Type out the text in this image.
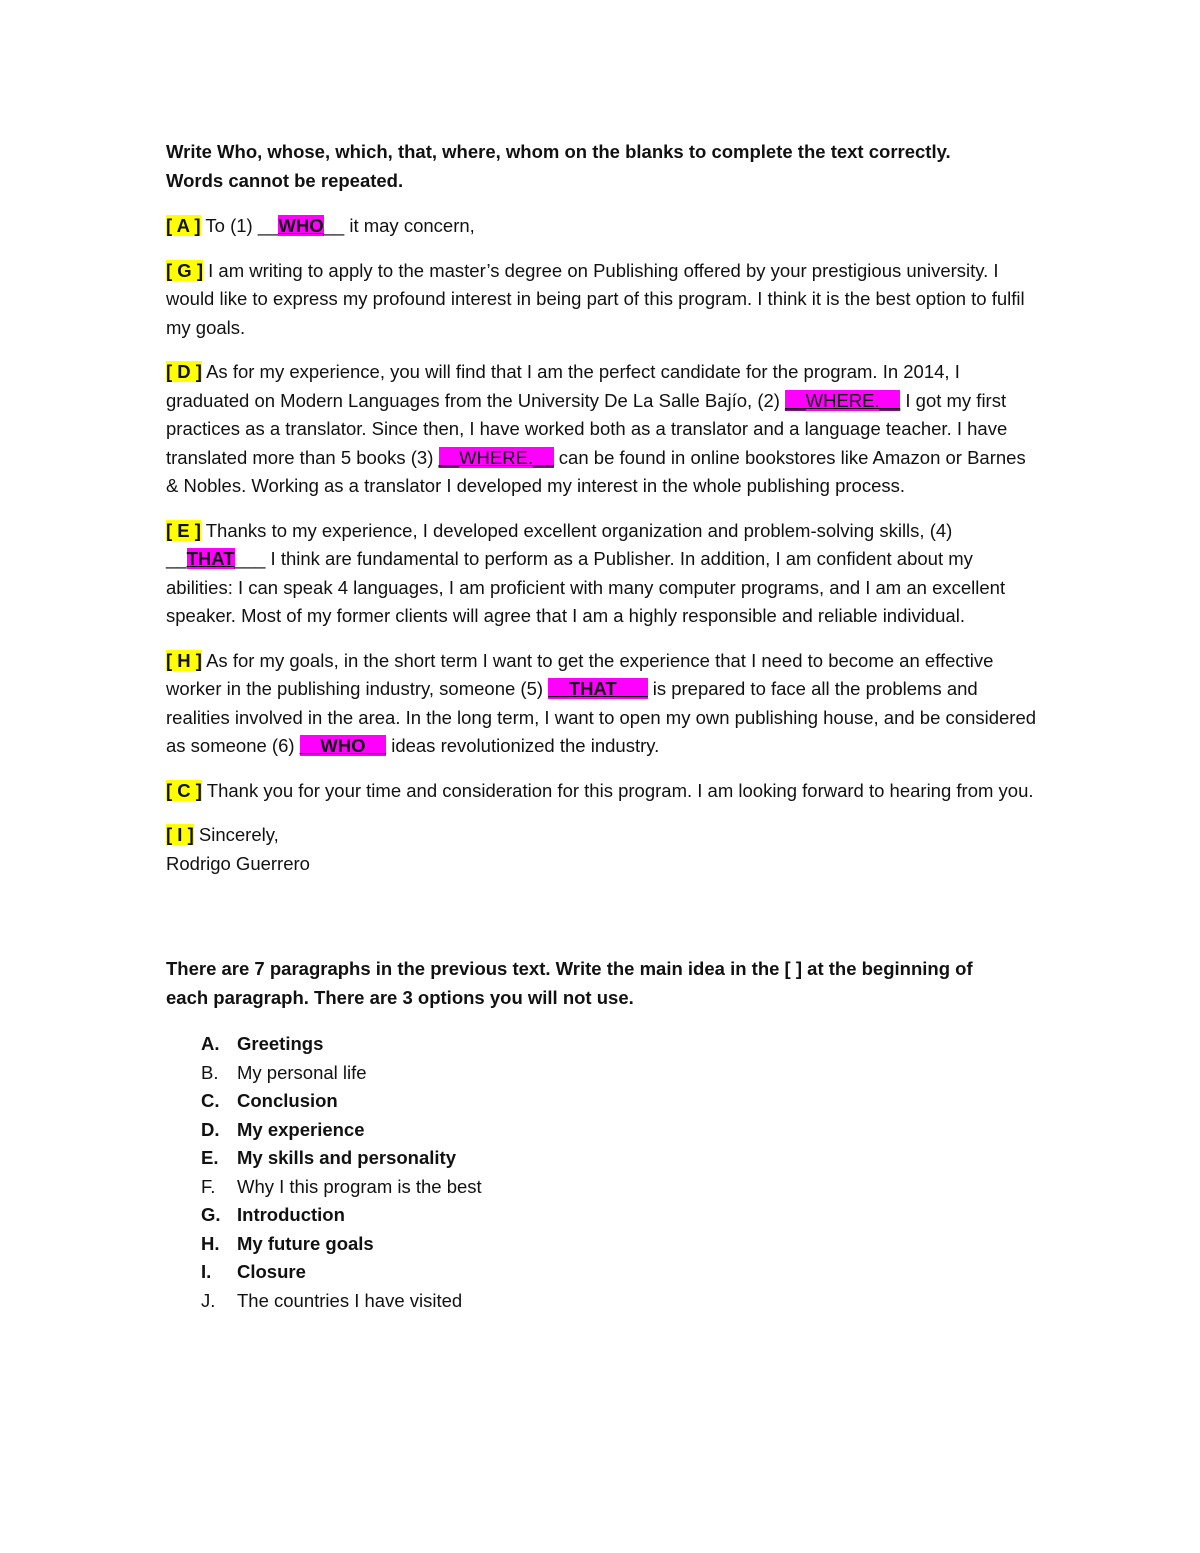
Write Who, whose, which, that, where, whom on the blanks to complete the text correctly.
Words cannot be repeated.

[ A ] To (1) __WHO__ it may concern,

[ G ] I am writing to apply to the master’s degree on Publishing offered by your prestigious university. I would like to express my profound interest in being part of this program. I think it is the best option to fulfil my goals.

[ D ] As for my experience, you will find that I am the perfect candidate for the program. In 2014, I graduated on Modern Languages from the University De La Salle Bajío, (2) __WHERE.__ I got my first practices as a translator. Since then, I have worked both as a translator and a language teacher. I have translated more than 5 books (3) __WHERE.__ can be found in online bookstores like Amazon or Barnes & Nobles. Working as a translator I developed my interest in the whole publishing process.

[ E ] Thanks to my experience, I developed excellent organization and problem-solving skills, (4) __THAT___ I think are fundamental to perform as a Publisher. In addition, I am confident about my abilities: I can speak 4 languages, I am proficient with many computer programs, and I am an excellent speaker. Most of my former clients will agree that I am a highly responsible and reliable individual.

[ H ] As for my goals, in the short term I want to get the experience that I need to become an effective worker in the publishing industry, someone (5) __THAT___ is prepared to face all the problems and realities involved in the area. In the long term, I want to open my own publishing house, and be considered as someone (6) __WHO__ ideas revolutionized the industry.

[ C ] Thank you for your time and consideration for this program. I am looking forward to hearing from you.

[ I ] Sincerely,
Rodrigo Guerrero

There are 7 paragraphs in the previous text. Write the main idea in the [ ] at the beginning of
each paragraph. There are 3 options you will not use.
A. Greetings
B.	My personal life
C. Conclusion
D. My experience
E.	My skills and personality
F.	Why I this program is the best
G. Introduction
H. My future goals
I.	Closure
J.	The countries I have visited
